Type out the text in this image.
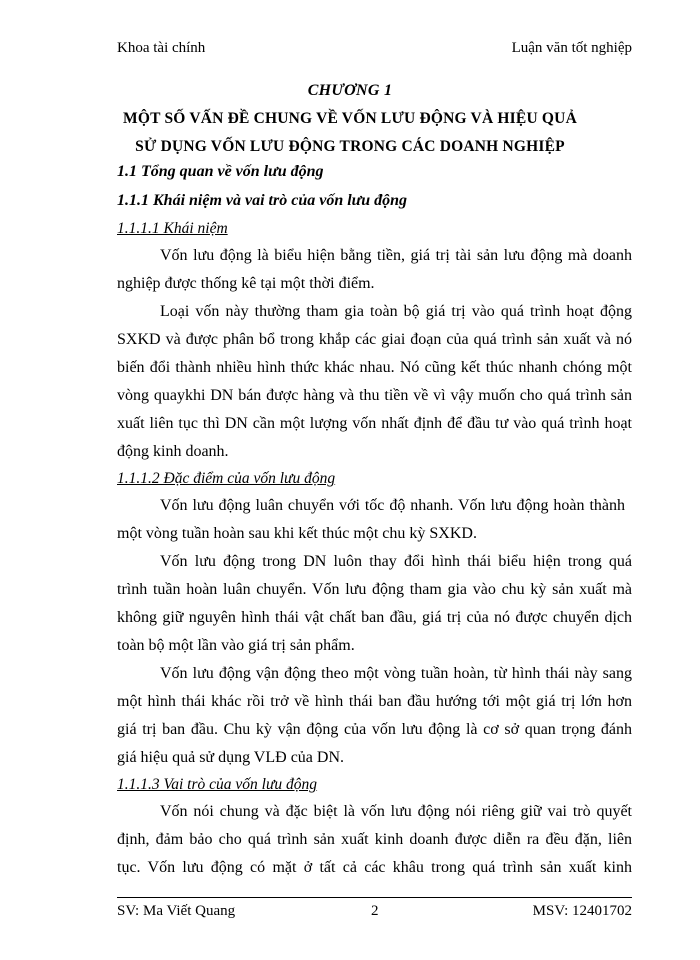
Khoa tài chính	Luận văn tốt nghiệp
CHƯƠNG 1
MỘT SỐ VẤN ĐỀ CHUNG VỀ VỐN LƯU ĐỘNG VÀ HIỆU QUẢ
SỬ DỤNG VỐN LƯU ĐỘNG TRONG CÁC DOANH NGHIỆP
1.1 Tổng quan về vốn lưu động
1.1.1 Khái niệm và vai trò của vốn lưu động
1.1.1.1 Khái niệm
Vốn lưu động là biểu hiện bằng tiền, giá trị tài sản lưu động mà doanh
nghiệp được thống kê tại một thời điểm.
Loại vốn này thường tham gia toàn bộ giá trị vào quá trình hoạt động
SXKD và được phân bổ trong khắp các giai đoạn của quá trình sản xuất và nó
biến đổi thành nhiều hình thức khác nhau. Nó cũng kết thúc nhanh chóng một
vòng quaykhi DN bán được hàng và thu tiền về vì vậy muốn cho quá trình sản
xuất liên tục thì DN cần một lượng vốn nhất định để đầu tư vào quá trình hoạt
động kinh doanh.
1.1.1.2 Đặc điểm của vốn lưu động
Vốn lưu động luân chuyển với tốc độ nhanh. Vốn lưu động hoàn thành
một vòng tuần hoàn sau khi kết thúc một chu kỳ SXKD.
Vốn lưu động trong DN luôn thay đổi hình thái biểu hiện trong quá
trình tuần hoàn luân chuyển. Vốn lưu động tham gia vào chu kỳ sản xuất mà
không giữ nguyên hình thái vật chất ban đầu, giá trị của nó được chuyển dịch
toàn bộ một lần vào giá trị sản phẩm.
Vốn lưu động vận động theo một vòng tuần hoàn, từ hình thái này sang
một hình thái khác rồi trở về hình thái ban đầu hướng tới một giá trị lớn hơn
giá trị ban đầu. Chu kỳ vận động của vốn lưu động là cơ sở quan trọng đánh
giá hiệu quả sử dụng VLĐ của DN.
1.1.1.3 Vai trò của vốn lưu động
Vốn nói chung và đặc biệt là vốn lưu động nói riêng giữ vai trò quyết
định, đảm bảo cho quá trình sản xuất kinh doanh được diễn ra đều đặn, liên
tục. Vốn lưu động có mặt ở tất cả các khâu trong quá trình sản xuất kinh
SV: Ma Viết Quang	2	MSV: 12401702
